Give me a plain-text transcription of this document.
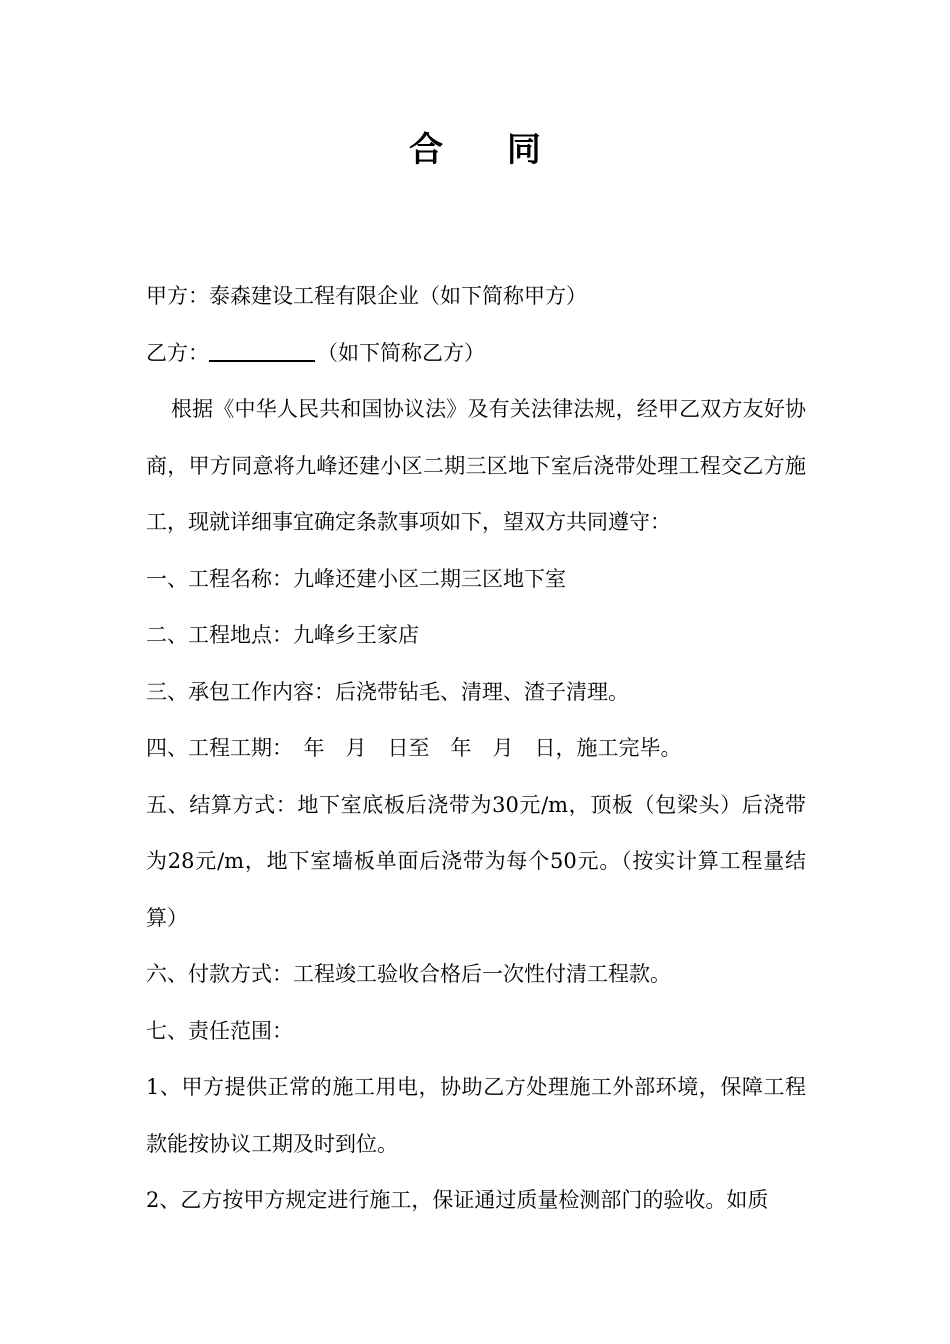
合 同

甲方：泰森建设工程有限企业（如下简称甲方）

乙方：	（如下简称乙方）

根据《中华人民共和国协议法》及有关法律法规，经甲乙双方友好协商，甲方同意将九峰还建小区二期三区地下室后浇带处理工程交乙方施工，现就详细事宜确定条款事项如下，望双方共同遵守：

一、工程名称：九峰还建小区二期三区地下室

二、工程地点：九峰乡王家店

三、承包工作内容：后浇带钻毛、清理、渣子清理。

四、工程工期：　年　月　日至　年　月　日，施工完毕。

五、结算方式：地下室底板后浇带为30元/m，顶板（包梁头）后浇带为28元/m，地下室墙板单面后浇带为每个50元。（按实计算工程量结算）

六、付款方式：工程竣工验收合格后一次性付清工程款。

七、责任范围：

1、甲方提供正常的施工用电，协助乙方处理施工外部环境，保障工程款能按协议工期及时到位。

2、乙方按甲方规定进行施工，保证通过质量检测部门的验收。如质
